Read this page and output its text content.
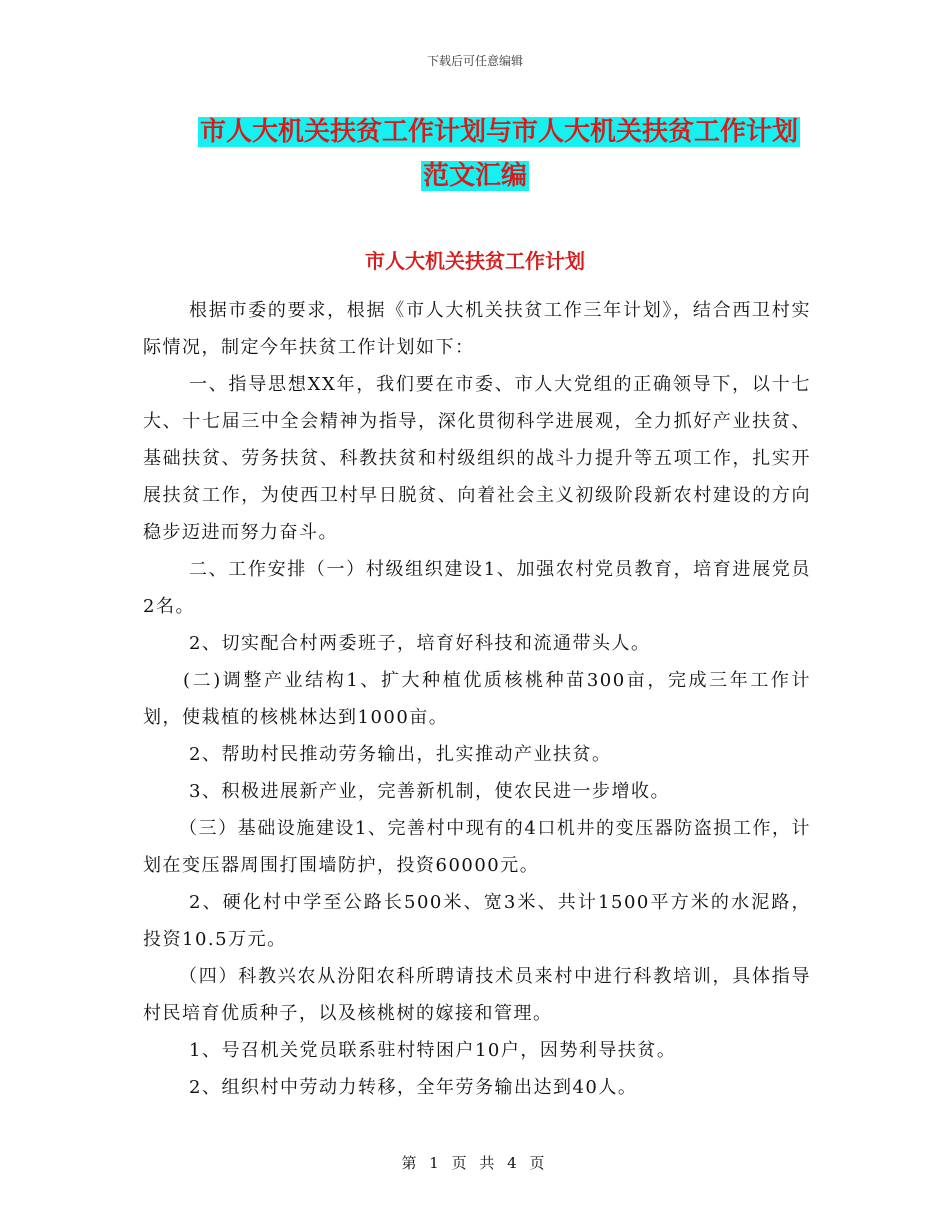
下载后可任意编辑
市人大机关扶贫工作计划与市人大机关扶贫工作计划
范文汇编
市人大机关扶贫工作计划

根据市委的要求，根据《市人大机关扶贫工作三年计划》，结合西卫村实际情况，制定今年扶贫工作计划如下：

一、指导思想XX年，我们要在市委、市人大党组的正确领导下，以十七大、十七届三中全会精神为指导，深化贯彻科学进展观，全力抓好产业扶贫、基础扶贫、劳务扶贫、科教扶贫和村级组织的战斗力提升等五项工作，扎实开展扶贫工作，为使西卫村早日脱贫、向着社会主义初级阶段新农村建设的方向稳步迈进而努力奋斗。

二、工作安排（一）村级组织建设1、加强农村党员教育，培育进展党员2名。

2、切实配合村两委班子，培育好科技和流通带头人。

(二)调整产业结构1、扩大种植优质核桃种苗300亩，完成三年工作计划，使栽植的核桃林达到1000亩。

2、帮助村民推动劳务输出，扎实推动产业扶贫。

3、积极进展新产业，完善新机制，使农民进一步增收。

（三）基础设施建设1、完善村中现有的4口机井的变压器防盗损工作，计划在变压器周围打围墙防护，投资60000元。

2、硬化村中学至公路长500米、宽3米、共计1500平方米的水泥路，投资10.5万元。

（四）科教兴农从汾阳农科所聘请技术员来村中进行科教培训，具体指导村民培育优质种子，以及核桃树的嫁接和管理。

1、号召机关党员联系驻村特困户10户，因势利导扶贫。

2、组织村中劳动力转移，全年劳务输出达到40人。

第 1 页 共 4 页
